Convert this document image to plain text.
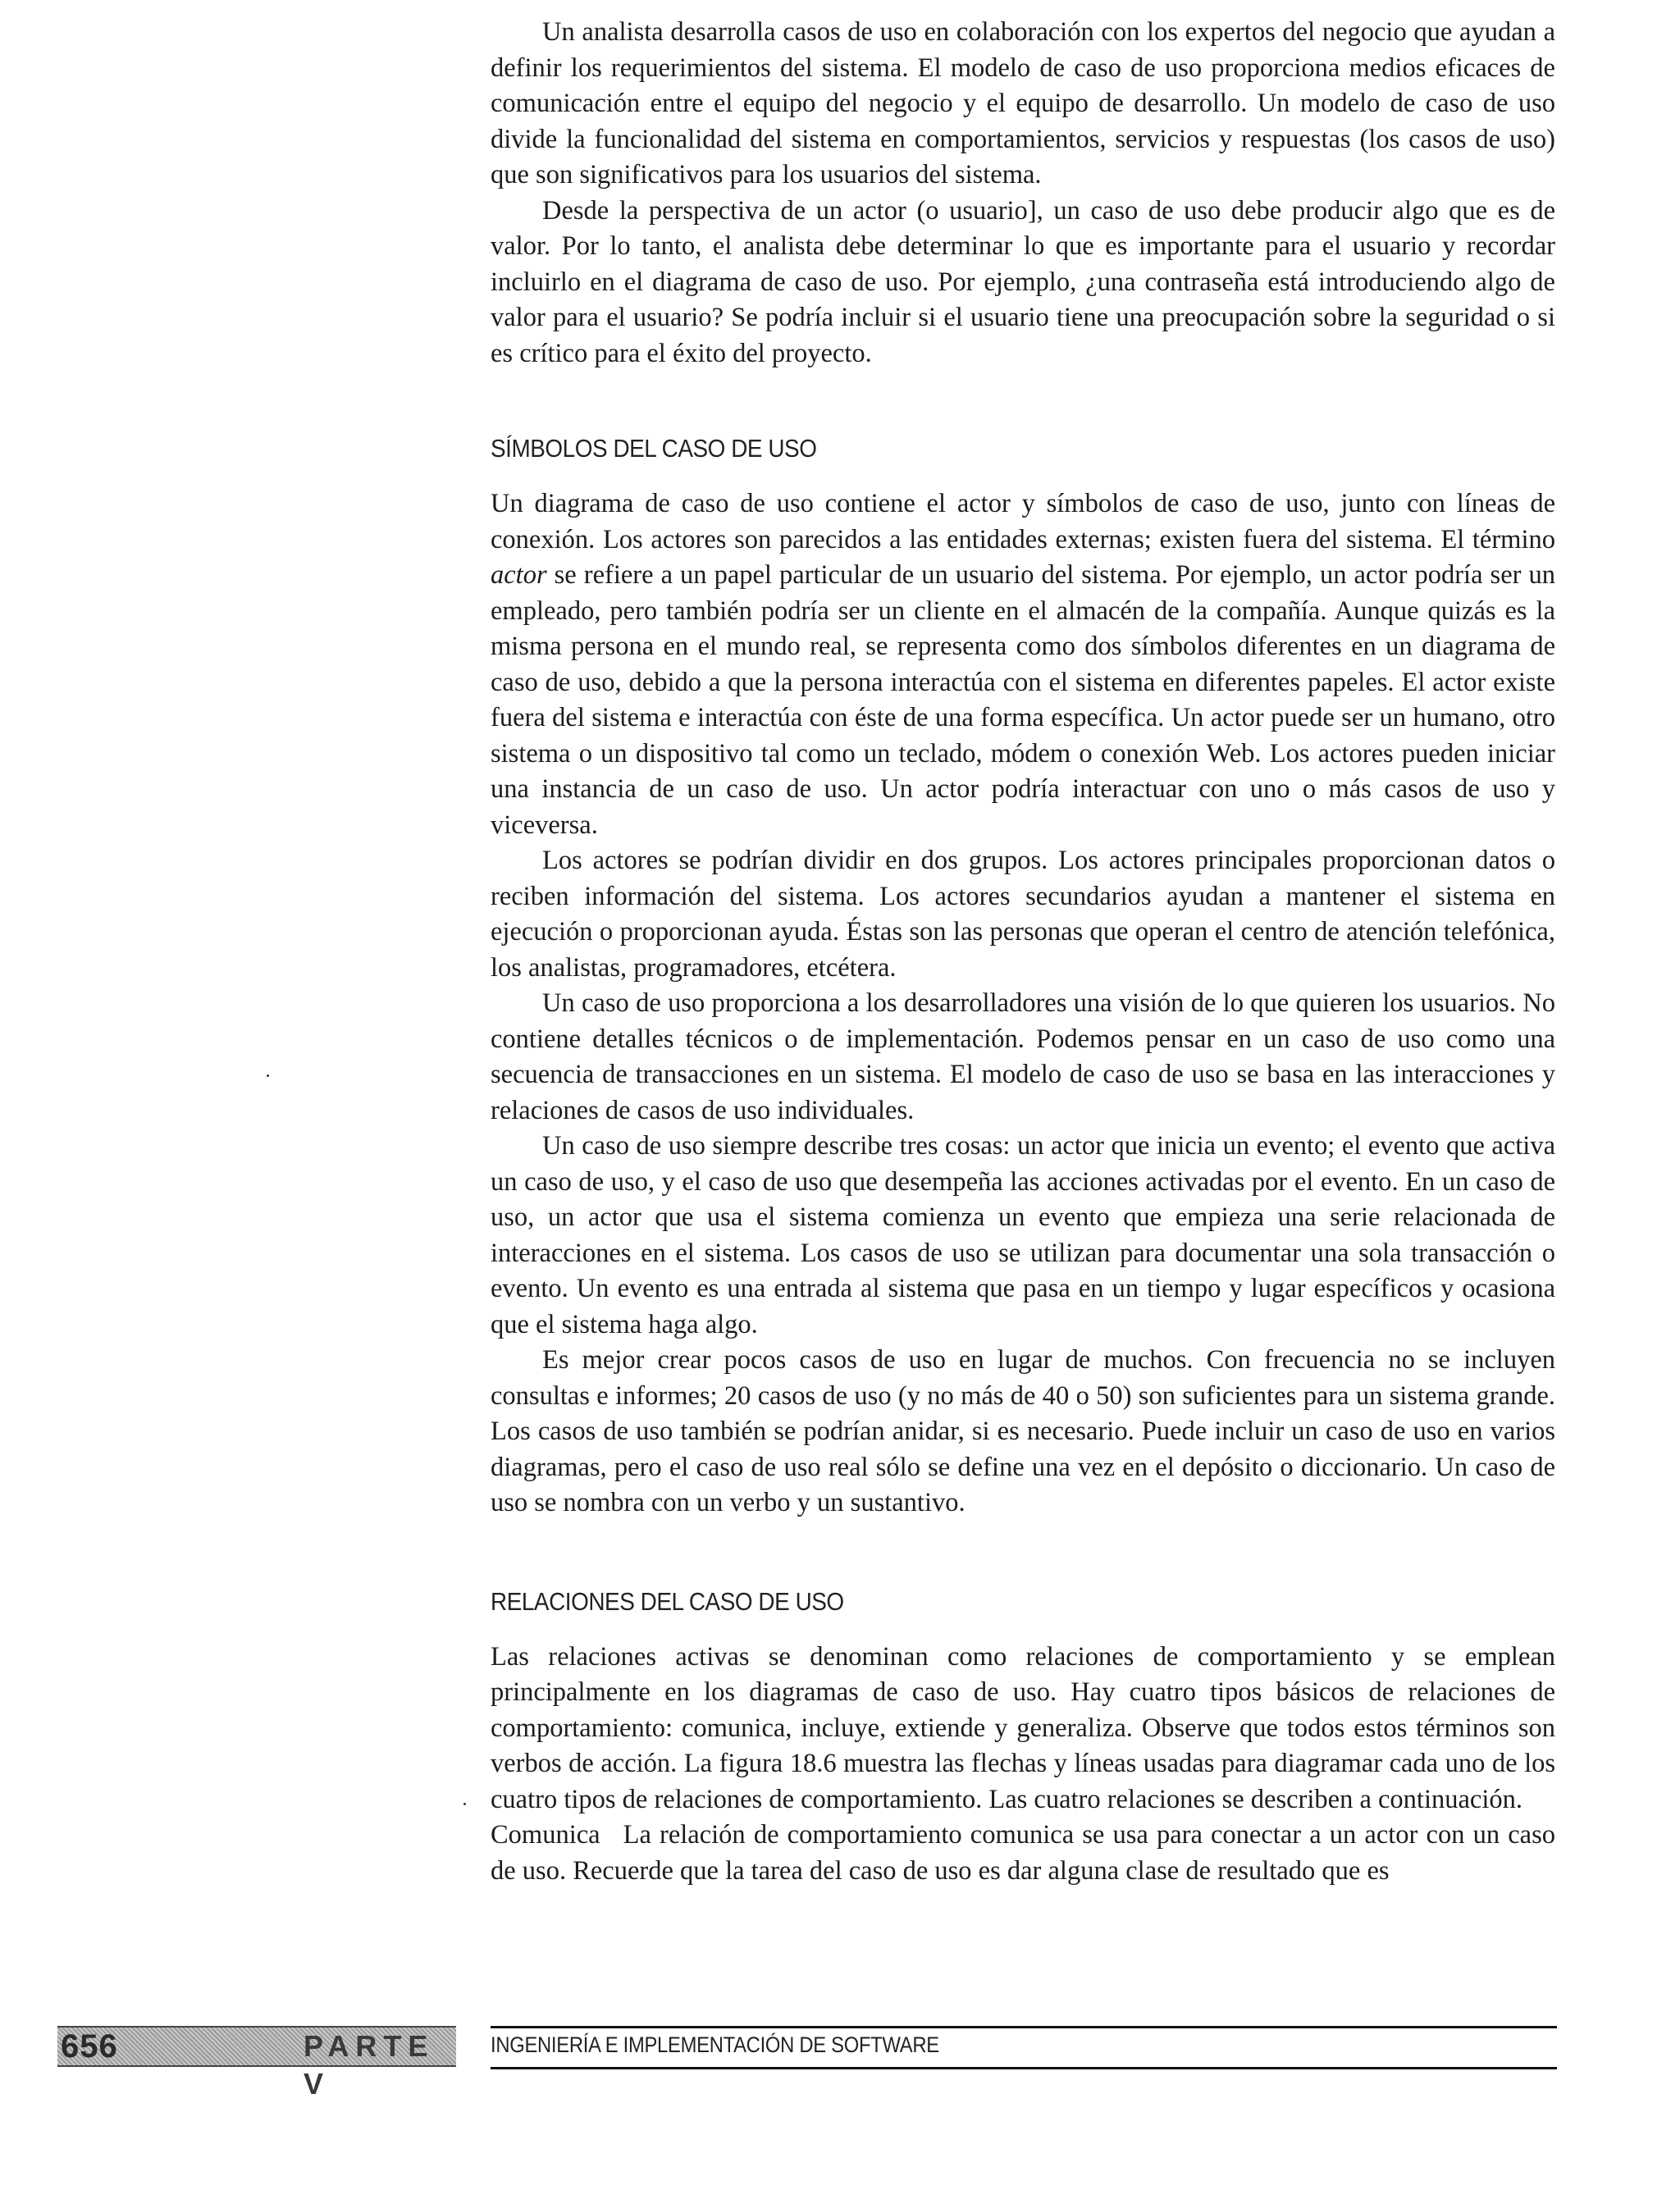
Un analista desarrolla casos de uso en colaboración con los expertos del negocio que ayudan a definir los requerimientos del sistema. El modelo de caso de uso proporciona medios eficaces de comunicación entre el equipo del negocio y el equipo de desarrollo. Un modelo de caso de uso divide la funcionalidad del sistema en comportamientos, servicios y respuestas (los casos de uso) que son significativos para los usuarios del sistema.

Desde la perspectiva de un actor (o usuario], un caso de uso debe producir algo que es de valor. Por lo tanto, el analista debe determinar lo que es importante para el usuario y recordar incluirlo en el diagrama de caso de uso. Por ejemplo, ¿una contraseña está introduciendo algo de valor para el usuario? Se podría incluir si el usuario tiene una preocupación sobre la seguridad o si es crítico para el éxito del proyecto.

SÍMBOLOS DEL CASO DE USO

Un diagrama de caso de uso contiene el actor y símbolos de caso de uso, junto con líneas de conexión. Los actores son parecidos a las entidades externas; existen fuera del sistema. El término actor se refiere a un papel particular de un usuario del sistema. Por ejemplo, un actor podría ser un empleado, pero también podría ser un cliente en el almacén de la compañía. Aunque quizás es la misma persona en el mundo real, se representa como dos símbolos diferentes en un diagrama de caso de uso, debido a que la persona interactúa con el sistema en diferentes papeles. El actor existe fuera del sistema e interactúa con éste de una forma específica. Un actor puede ser un humano, otro sistema o un dispositivo tal como un teclado, módem o conexión Web. Los actores pueden iniciar una instancia de un caso de uso. Un actor podría interactuar con uno o más casos de uso y viceversa.

Los actores se podrían dividir en dos grupos. Los actores principales proporcionan datos o reciben información del sistema. Los actores secundarios ayudan a mantener el sistema en ejecución o proporcionan ayuda. Éstas son las personas que operan el centro de atención telefónica, los analistas, programadores, etcétera.

Un caso de uso proporciona a los desarrolladores una visión de lo que quieren los usuarios. No contiene detalles técnicos o de implementación. Podemos pensar en un caso de uso como una secuencia de transacciones en un sistema. El modelo de caso de uso se basa en las interacciones y relaciones de casos de uso individuales.

Un caso de uso siempre describe tres cosas: un actor que inicia un evento; el evento que activa un caso de uso, y el caso de uso que desempeña las acciones activadas por el evento. En un caso de uso, un actor que usa el sistema comienza un evento que empieza una serie relacionada de interacciones en el sistema. Los casos de uso se utilizan para documentar una sola transacción o evento. Un evento es una entrada al sistema que pasa en un tiempo y lugar específicos y ocasiona que el sistema haga algo.

Es mejor crear pocos casos de uso en lugar de muchos. Con frecuencia no se incluyen consultas e informes; 20 casos de uso (y no más de 40 o 50) son suficientes para un sistema grande. Los casos de uso también se podrían anidar, si es necesario. Puede incluir un caso de uso en varios diagramas, pero el caso de uso real sólo se define una vez en el depósito o diccionario. Un caso de uso se nombra con un verbo y un sustantivo.

RELACIONES DEL CASO DE USO

Las relaciones activas se denominan como relaciones de comportamiento y se emplean principalmente en los diagramas de caso de uso. Hay cuatro tipos básicos de relaciones de comportamiento: comunica, incluye, extiende y generaliza. Observe que todos estos términos son verbos de acción. La figura 18.6 muestra las flechas y líneas usadas para diagramar cada uno de los cuatro tipos de relaciones de comportamiento. Las cuatro relaciones se describen a continuación.

Comunica La relación de comportamiento comunica se usa para conectar a un actor con un caso de uso. Recuerde que la tarea del caso de uso es dar alguna clase de resultado que es

656	PARTE V
INGENIERÍA E IMPLEMENTACIÓN DE SOFTWARE
